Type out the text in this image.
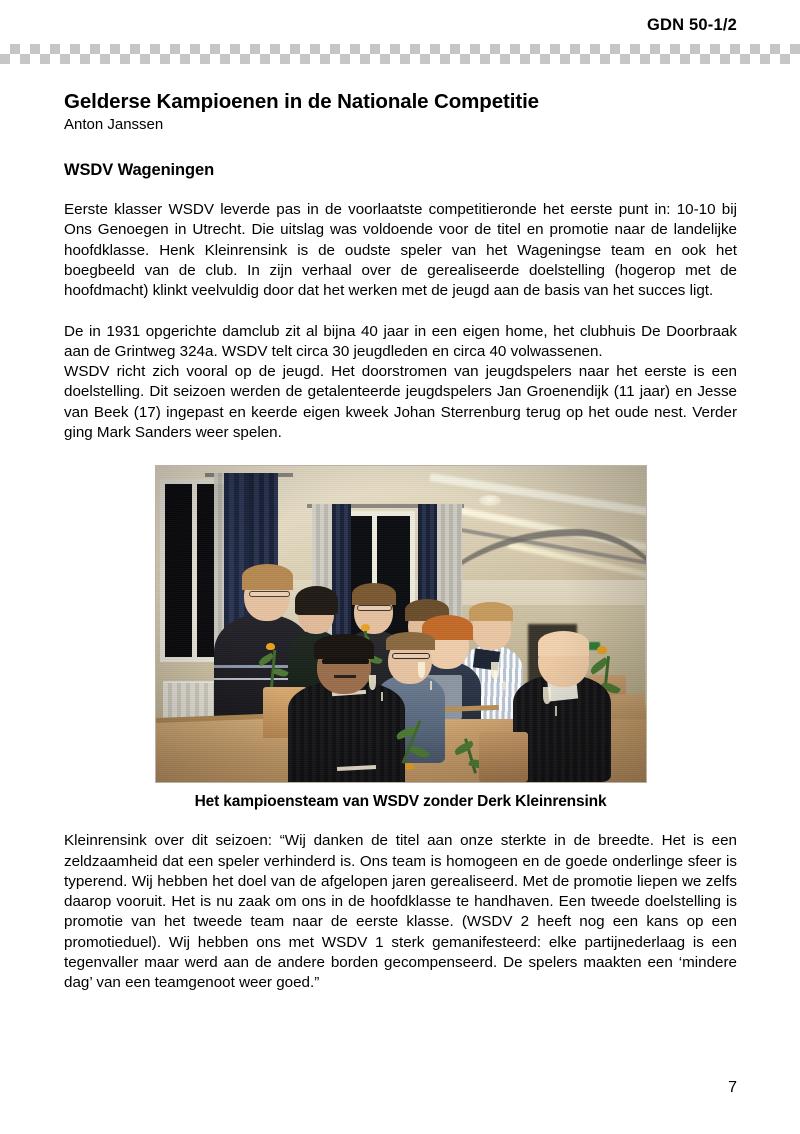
GDN 50-1/2
Gelderse Kampioenen in de Nationale Competitie

Anton Janssen

WSDV Wageningen

Eerste klasser WSDV leverde pas in de voorlaatste competitieronde het eerste punt in: 10-10 bij Ons Genoegen in Utrecht. Die uitslag was voldoende voor de titel en promotie naar de landelijke hoofdklasse. Henk Kleinrensink is de oudste speler van het Wageningse team en ook het boegbeeld van de club. In zijn verhaal over de gerealiseerde doelstelling (hogerop met de hoofdmacht) klinkt veelvuldig door dat het werken met de jeugd aan de basis van het succes ligt.

De in 1931 opgerichte damclub zit al bijna 40 jaar in een eigen home, het clubhuis De Doorbraak aan de Grintweg 324a. WSDV telt circa 30 jeugdleden en circa 40 volwassenen.

WSDV richt zich vooral op de jeugd. Het doorstromen van jeugdspelers naar het eerste is een doelstelling. Dit seizoen werden de getalenteerde jeugdspelers Jan Groenendijk (11 jaar) en Jesse van Beek (17) ingepast en keerde eigen kweek Johan Sterrenburg terug op het oude nest. Verder ging Mark Sanders weer spelen.

Het kampioensteam van WSDV zonder Derk Kleinrensink

Kleinrensink over dit seizoen: “Wij danken de titel aan onze sterkte in de breedte. Het is een zeldzaamheid dat een speler verhinderd is. Ons team is homogeen en de goede onderlinge sfeer is typerend. Wij hebben het doel van de afgelopen jaren gerealiseerd. Met de promotie liepen we zelfs daarop vooruit. Het is nu zaak om ons in de hoofdklasse te handhaven. Een tweede doelstelling is promotie van het tweede team naar de eerste klasse. (WSDV 2 heeft nog een kans op een promotieduel). Wij hebben ons met WSDV 1 sterk gemanifesteerd: elke partijnederlaag is een tegenvaller maar werd aan de andere borden gecompenseerd. De spelers maakten een ‘mindere dag’ van een teamgenoot weer goed.”

7
